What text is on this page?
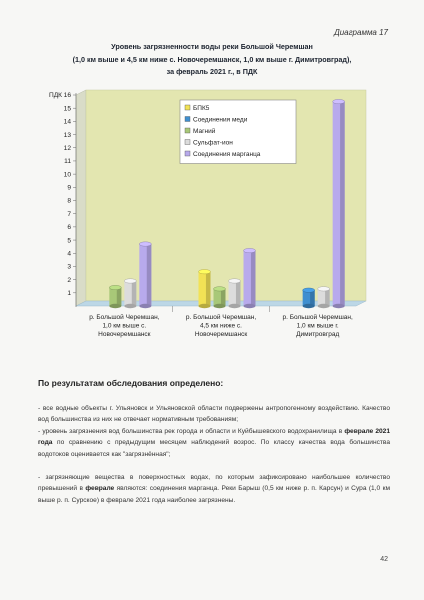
Диаграмма 17
Уровень загрязненности воды реки Большой Черемшан
(1,0 км выше и 4,5 км ниже с. Новочеремшанск, 1,0 км выше г. Димитровград),
за февраль 2021 г., в ПДК
1
2
3
4
5
6
7
8
9
10
11
12
13
14
15
16
ПДК
р. Большой Черемшан,
1,0 км выше с.
Новочеремшанск
р. Большой Черемшан,
4,5 км ниже с.
Новочеремшанск
р. Большой Черемшан,
1,0 км выше г.
Димитровград
БПК5
Соединения меди
Магний
Сульфат-ион
Соединения марганца
По результатам обследования определено:
- все водные объекты г. Ульяновск и Ульяновской области подвержены антропогенному воздействию. Качество вод большинства из них не отвечает нормативным требованиям;
- уровень загрязнения вод большинства рек города и области и Куйбышевского водохранилища в феврале 2021 года по сравнению с предыдущим месяцем наблюдений возрос. По классу качества вода большинства водотоков оценивается как "загрязнённая";
- загрязняющие вещества в поверхностных водах, по которым зафиксировано наибольшее количество превышений в феврале являются: соединения марганца. Реки Барыш (0,5 км ниже р. п. Карсун) и Сура (1,0 км выше р. п. Сурское) в феврале 2021 года наиболее загрязнены.
42
